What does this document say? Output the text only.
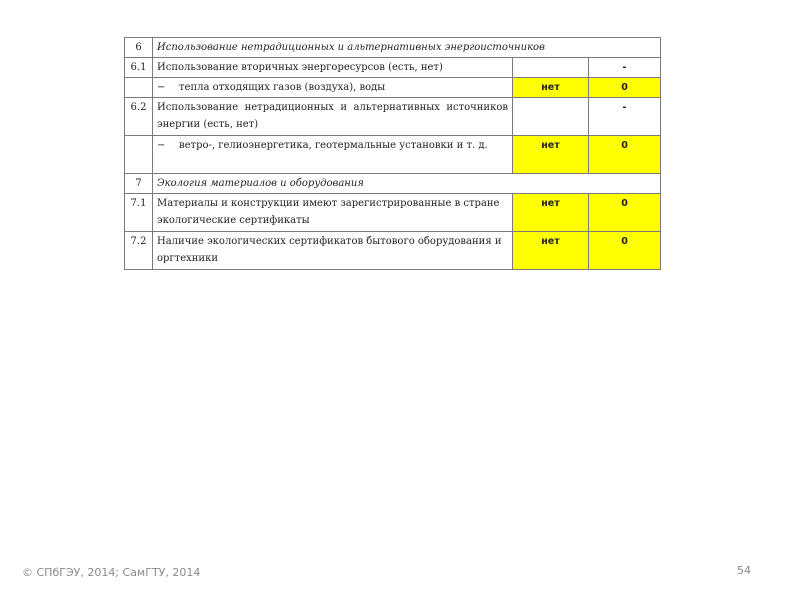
6	Использование нетрадиционных и альтернативных энергоисточников		
6.1	Использование вторичных энергоресурсов (есть, нет)		-

	− тепла отходящих газов (воздуха), воды	нет	0
6.2	Использование нетрадиционных и альтернативных источников энергии (есть, нет)		-

	− ветро-, гелиоэнергетика, геотермальные установки и т. д.	нет	0
7	Экология материалов и оборудования		
7.1	Материалы и конструкции имеют зарегистрированные в стране экологические сертификаты	нет	0
7.2	Наличие экологических сертификатов бытового оборудования и оргтехники	нет	0
© СПбГЭУ, 2014; СамГТУ, 2014	54
